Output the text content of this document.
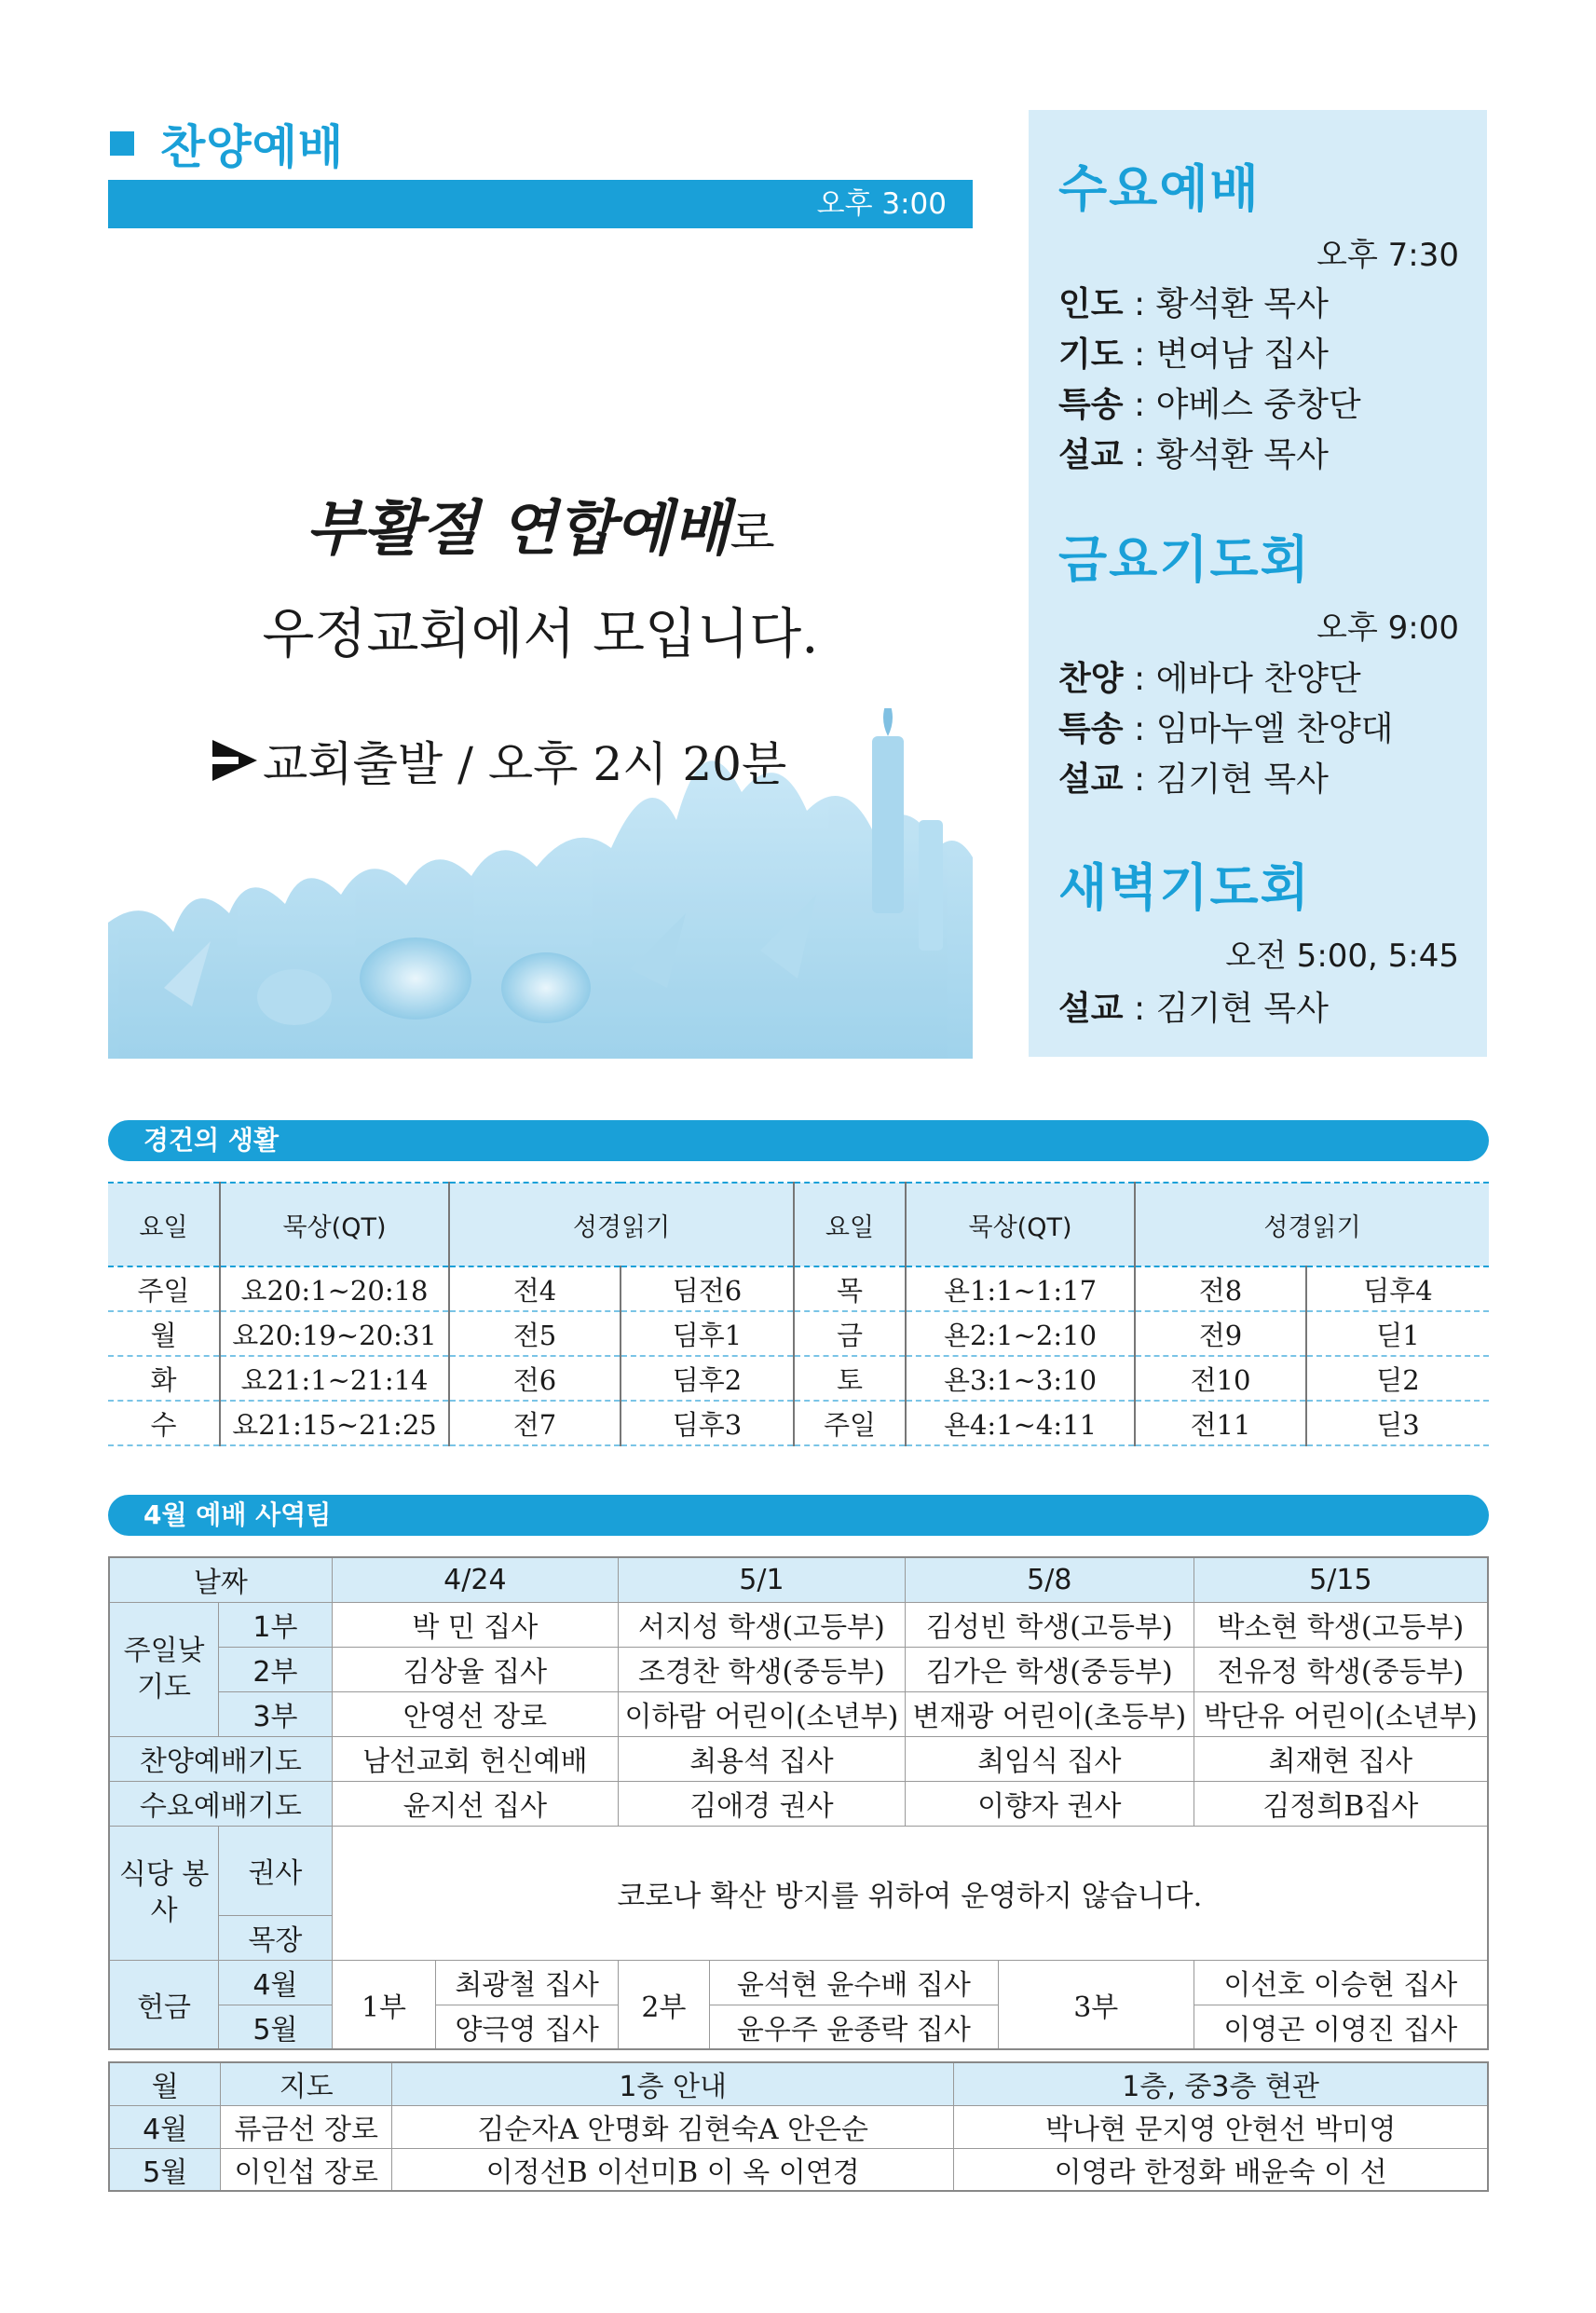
찬양예배
오후 3:00
부활절 연합예배로
우정교회에서 모입니다.
교회출발 / 오후 2시 20분
수요예배
오후 7:30
인도 : 황석환 목사
기도 : 변여남 집사
특송 : 야베스 중창단
설교 : 황석환 목사
금요기도회
오후 9:00
찬양 : 에바다 찬양단
특송 : 임마누엘 찬양대
설교 : 김기현 목사
새벽기도회
오전 5:00, 5:45
설교 : 김기현 목사
경건의 생활
요일	묵상(QT)	성경읽기		요일	묵상(QT)	성경읽기	
주일	요20:1~20:18	전4	딤전6	목	욘1:1~1:17	전8	딤후4
월	요20:19~20:31	전5	딤후1	금	욘2:1~2:10	전9	딛1
화	요21:1~21:14	전6	딤후2	토	욘3:1~3:10	전10	딛2
수	요21:15~21:25	전7	딤후3	주일	욘4:1~4:11	전11	딛3
4월 예배 사역팀
날짜		4/24		5/1		5/8		5/15
주일낮 기도	1부	박 민 집사		서지성 학생(고등부)		김성빈 학생(고등부)		박소현 학생(고등부)
	2부	김상율 집사		조경찬 학생(중등부)		김가은 학생(중등부)		전유정 학생(중등부)
	3부	안영선 장로		이하람 어린이(소년부)		변재광 어린이(초등부)		박단유 어린이(소년부)
찬양예배기도		남선교회 헌신예배		최용석 집사		최임식 집사		최재현 집사
수요예배기도		윤지선 집사		김애경 권사		이향자 권사		김정희B집사
식당 봉사	권사	코로나 확산 방지를 위하여 운영하지 않습니다.						
	목장							
헌금	4월	1부	최광철 집사	2부	윤석현 윤수배 집사		3부	이선호 이승현 집사
	5월		양극영 집사		윤우주 윤종락 집사			이영곤 이영진 집사
월	지도	1층 안내	1층, 중3층 현관
4월	류금선 장로	김순자A 안명화 김현숙A 안은순	박나현 문지영 안현선 박미영
5월	이인섭 장로	이정선B 이선미B 이 옥 이연경	이영라 한정화 배윤숙 이 선
